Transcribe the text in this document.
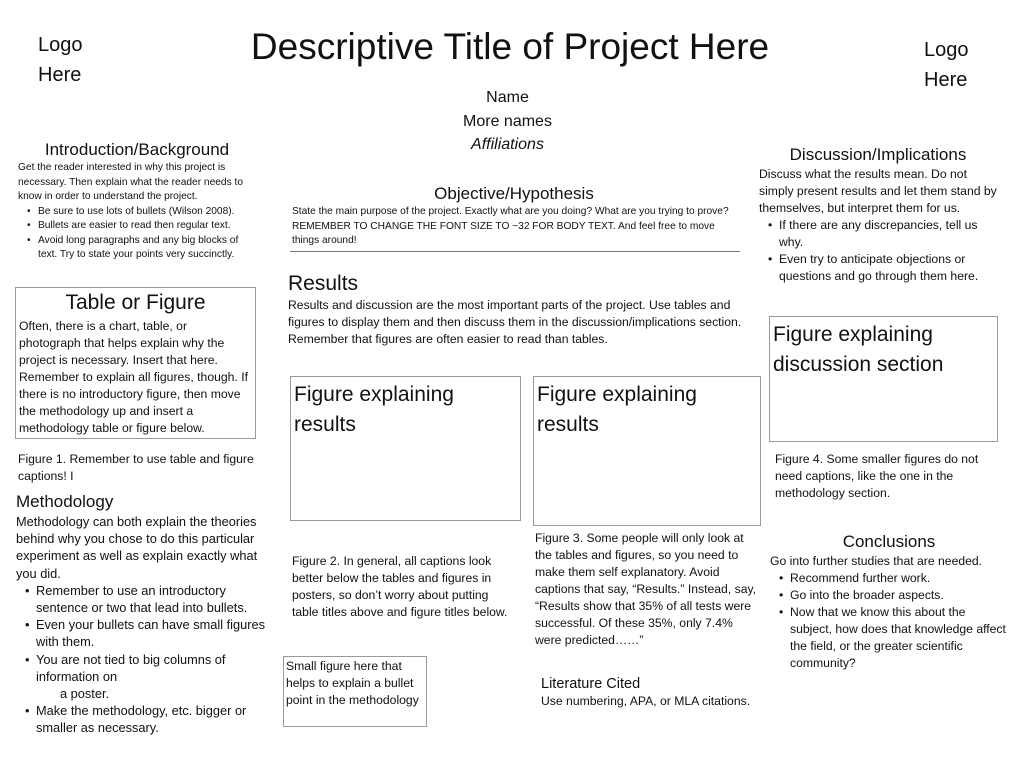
Logo
Here
Logo
Here
Descriptive Title of Project Here
Name
More names
Affiliations
Introduction/Background
Get the reader interested in why this project is necessary. Then explain what the reader needs to know in order to understand the project.
• Be sure to use lots of bullets (Wilson 2008).
• Bullets are easier to read then regular text.
• Avoid long paragraphs and any big blocks of text. Try to state your points very succinctly.
Table or Figure
Often, there is a chart, table, or photograph that helps explain why the project is necessary. Insert that here. Remember to explain all figures, though. If there is no introductory figure, then move the methodology up and insert a methodology table or figure below.
Figure 1. Remember to use table and figure captions! I
Methodology
Methodology can both explain the theories behind why you chose to do this particular experiment as well as explain exactly what you did.
• Remember to use an introductory sentence or two that lead into bullets.
• Even your bullets can have small figures with them.
• You are not tied to big columns of information on
a poster.
• Make the methodology, etc. bigger or smaller as necessary.
Objective/Hypothesis
State the main purpose of the project. Exactly what are you doing? What are you trying to prove? REMEMBER TO CHANGE THE FONT SIZE TO ~32 FOR BODY TEXT. And feel free to move things around!
Results
Results and discussion are the most important parts of the project. Use tables and figures to display them and then discuss them in the discussion/implications section. Remember that figures are often easier to read than tables.
Figure explaining results
Figure 2. In general, all captions look better below the tables and figures in posters, so don’t worry about putting table titles above and figure titles below.
Figure explaining results
Figure 3. Some people will only look at the tables and figures, so you need to make them self explanatory. Avoid captions that say, “Results.” Instead, say, “Results show that 35% of all tests were successful. Of these 35%, only 7.4% were predicted……”
Small figure here that helps to explain a bullet point in the methodology
Literature Cited
Use numbering, APA, or MLA citations.
Discussion/Implications
Discuss what the results mean. Do not simply present results and let them stand by themselves, but interpret them for us.
• If there are any discrepancies, tell us why.
• Even try to anticipate objections or questions and go through them here.
Figure explaining discussion section
Figure 4. Some smaller figures do not need captions, like the one in the methodology section.
Conclusions
Go into further studies that are needed.
• Recommend further work.
• Go into the broader aspects.
• Now that we know this about the subject, how does that knowledge affect the field, or the greater scientific community?
